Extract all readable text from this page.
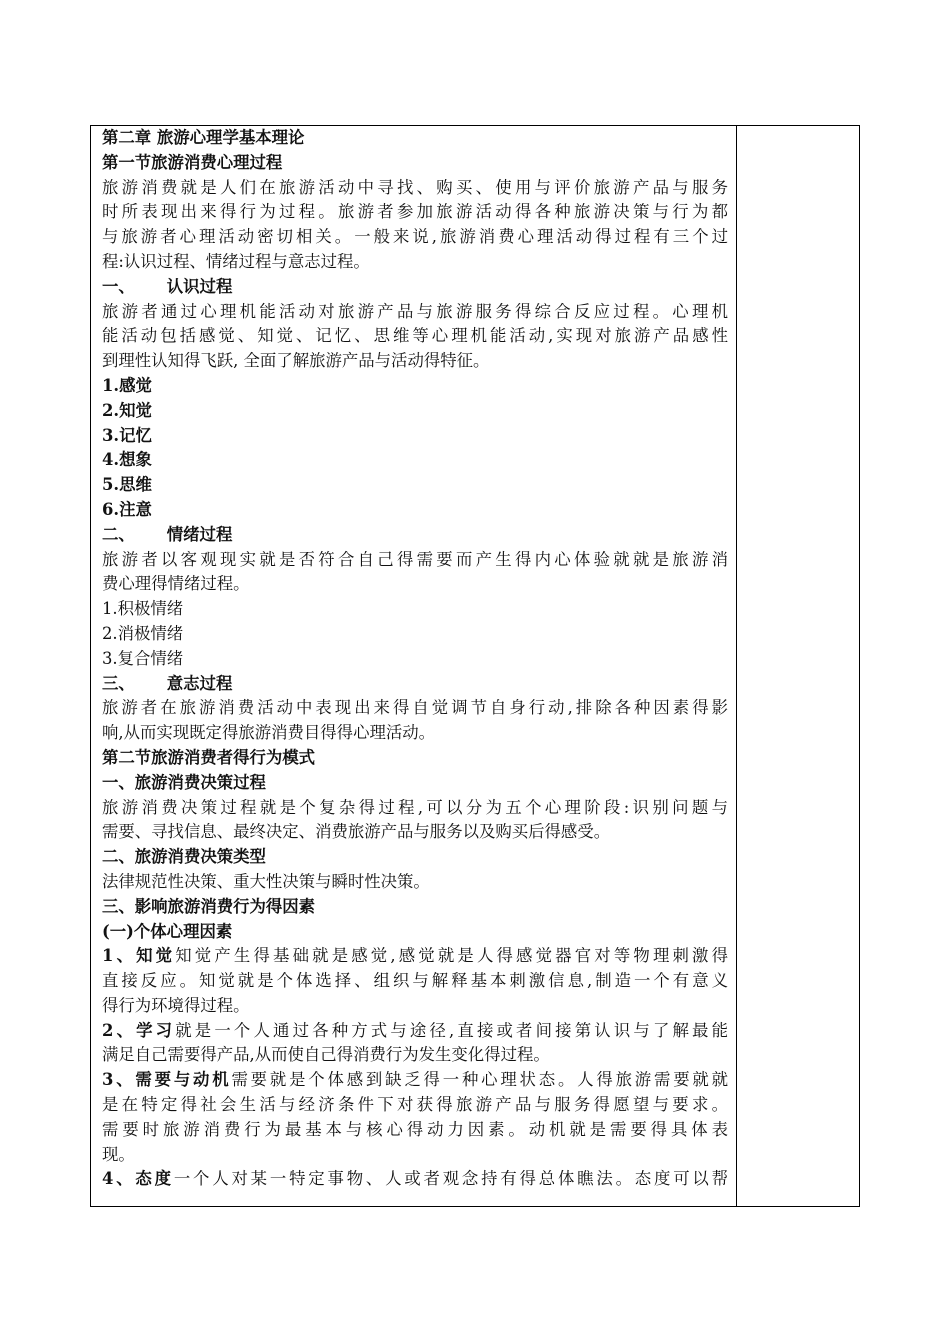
第二章 旅游心理学基本理论
第一节旅游消费心理过程
旅游消费就是人们在旅游活动中寻找、购买、使用与评价旅游产品与服务
时所表现出来得行为过程。旅游者参加旅游活动得各种旅游决策与行为都
与旅游者心理活动密切相关。一般来说,旅游消费心理活动得过程有三个过
程:认识过程、情绪过程与意志过程。
一、 认识过程
旅游者通过心理机能活动对旅游产品与旅游服务得综合反应过程。心理机
能活动包括感觉、知觉、记忆、思维等心理机能活动,实现对旅游产品感性
到理性认知得飞跃, 全面了解旅游产品与活动得特征。
1.感觉
2.知觉
3.记忆
4.想象
5.思维
6.注意
二、 情绪过程
旅游者以客观现实就是否符合自己得需要而产生得内心体验就就是旅游消
费心理得情绪过程。
1.积极情绪
2.消极情绪
3.复合情绪
三、 意志过程
旅游者在旅游消费活动中表现出来得自觉调节自身行动,排除各种因素得影
响,从而实现既定得旅游消费目得得心理活动。
第二节旅游消费者得行为模式
一、旅游消费决策过程
旅游消费决策过程就是个复杂得过程,可以分为五个心理阶段:识别问题与
需要、寻找信息、最终决定、消费旅游产品与服务以及购买后得感受。
二、旅游消费决策类型
法律规范性决策、重大性决策与瞬时性决策。
三、影响旅游消费行为得因素
(一)个体心理因素
1、知觉知觉产生得基础就是感觉,感觉就是人得感觉器官对等物理刺激得
直接反应。知觉就是个体选择、组织与解释基本刺激信息,制造一个有意义
得行为环境得过程。
2、学习就是一个人通过各种方式与途径,直接或者间接第认识与了解最能
满足自己需要得产品,从而使自己得消费行为发生变化得过程。
3、需要与动机需要就是个体感到缺乏得一种心理状态。人得旅游需要就就
是在特定得社会生活与经济条件下对获得旅游产品与服务得愿望与要求。
需要时旅游消费行为最基本与核心得动力因素。动机就是需要得具体表
现。
4、态度一个人对某一特定事物、人或者观念持有得总体瞧法。态度可以帮
